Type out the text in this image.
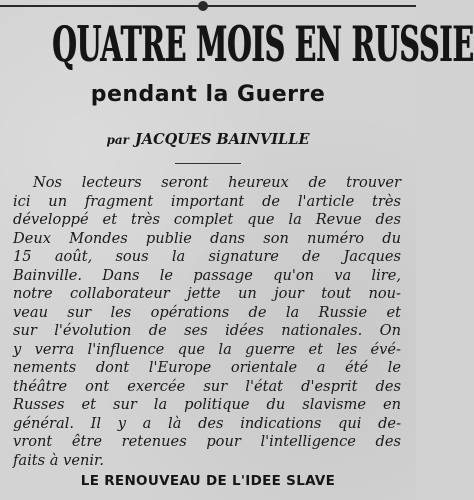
QUATRE MOIS EN RUSSIE
pendant la Guerre
par JACQUES BAINVILLE

Nos lecteurs seront heureux de trouver
ici un fragment important de l'article très
développé et très complet que la Revue des
Deux Mondes publie dans son numéro du
15 août, sous la signature de Jacques
Bainville. Dans le passage qu'on va lire,
notre collaborateur jette un jour tout nou-
veau sur les opérations de la Russie et
sur l'évolution de ses idées nationales. On
y verra l'influence que la guerre et les évé-
nements dont l'Europe orientale a été le
théâtre ont exercée sur l'état d'esprit des
Russes et sur la politique du slavisme en
général. Il y a là des indications qui de-
vront être retenues pour l'intelligence des
faits à venir.

LE RENOUVEAU DE L'IDEE SLAVE
